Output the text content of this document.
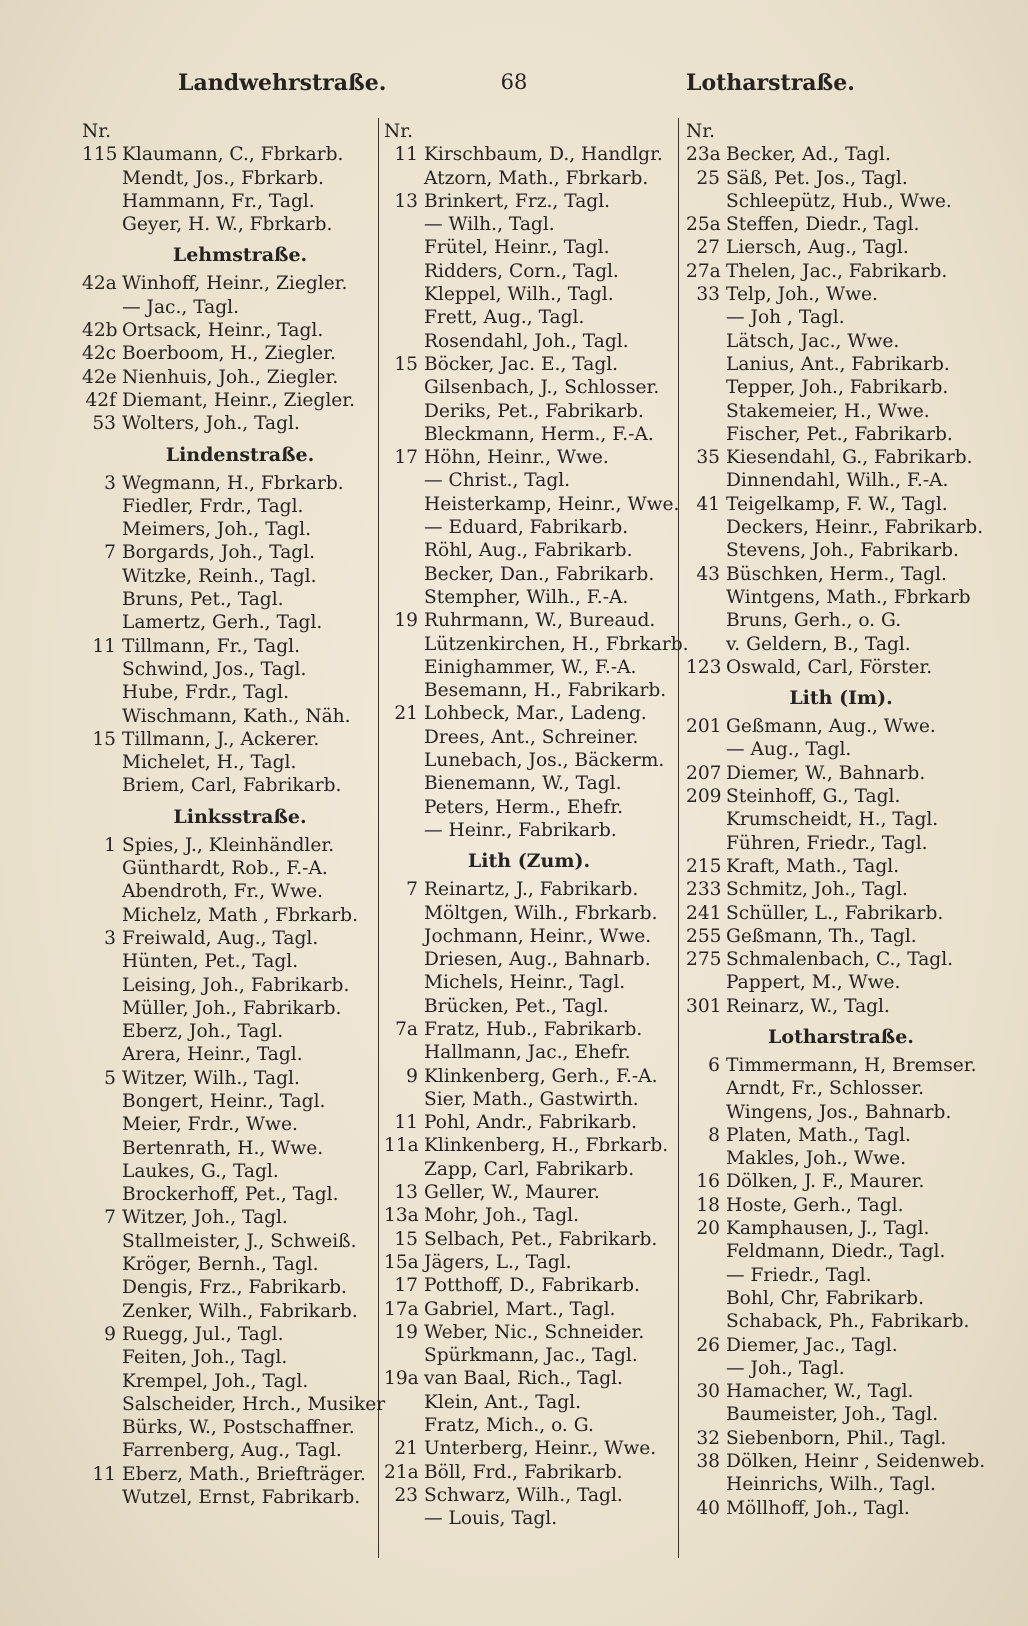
Landwehrstraße.	68	Lotharstraße.
Nr.
115 Klaumann, C., Fbrkarb.
Mendt, Jos., Fbrkarb.
Hammann, Fr., Tagl.
Geyer, H. W., Fbrkarb.
Lehmstraße.
42a Winhoff, Heinr., Ziegler.
— Jac., Tagl.
42b Ortsack, Heinr., Tagl.
42c Boerboom, H., Ziegler.
42e Nienhuis, Joh., Ziegler.
42f Diemant, Heinr., Ziegler.
53 Wolters, Joh., Tagl.
Lindenstraße.
3 Wegmann, H., Fbrkarb.
Fiedler, Frdr., Tagl.
Meimers, Joh., Tagl.
7 Borgards, Joh., Tagl.
Witzke, Reinh., Tagl.
Bruns, Pet., Tagl.
Lamertz, Gerh., Tagl.
11 Tillmann, Fr., Tagl.
Schwind, Jos., Tagl.
Hube, Frdr., Tagl.
Wischmann, Kath., Näh.
15 Tillmann, J., Ackerer.
Michelet, H., Tagl.
Briem, Carl, Fabrikarb.
Linksstraße.
1 Spies, J., Kleinhändler.
Günthardt, Rob., F.-A.
Abendroth, Fr., Wwe.
Michelz, Math , Fbrkarb.
3 Freiwald, Aug., Tagl.
Hünten, Pet., Tagl.
Leising, Joh., Fabrikarb.
Müller, Joh., Fabrikarb.
Eberz, Joh., Tagl.
Arera, Heinr., Tagl.
5 Witzer, Wilh., Tagl.
Bongert, Heinr., Tagl.
Meier, Frdr., Wwe.
Bertenrath, H., Wwe.
Laukes, G., Tagl.
Brockerhoff, Pet., Tagl.
7 Witzer, Joh., Tagl.
Stallmeister, J., Schweiß.
Kröger, Bernh., Tagl.
Dengis, Frz., Fabrikarb.
Zenker, Wilh., Fabrikarb.
9 Ruegg, Jul., Tagl.
Feiten, Joh., Tagl.
Krempel, Joh., Tagl.
Salscheider, Hrch., Musiker
Bürks, W., Postschaffner.
Farrenberg, Aug., Tagl.
11 Eberz, Math., Briefträger.
Wutzel, Ernst, Fabrikarb.
Nr.
11 Kirschbaum, D., Handlgr.
Atzorn, Math., Fbrkarb.
13 Brinkert, Frz., Tagl.
— Wilh., Tagl.
Frütel, Heinr., Tagl.
Ridders, Corn., Tagl.
Kleppel, Wilh., Tagl.
Frett, Aug., Tagl.
Rosendahl, Joh., Tagl.
15 Böcker, Jac. E., Tagl.
Gilsenbach, J., Schlosser.
Deriks, Pet., Fabrikarb.
Bleckmann, Herm., F.-A.
17 Höhn, Heinr., Wwe.
— Christ., Tagl.
Heisterkamp, Heinr., Wwe.
— Eduard, Fabrikarb.
Röhl, Aug., Fabrikarb.
Becker, Dan., Fabrikarb.
Stempher, Wilh., F.-A.
19 Ruhrmann, W., Bureaud.
Lützenkirchen, H., Fbrkarb.
Einighammer, W., F.-A.
Besemann, H., Fabrikarb.
21 Lohbeck, Mar., Ladeng.
Drees, Ant., Schreiner.
Lunebach, Jos., Bäckerm.
Bienemann, W., Tagl.
Peters, Herm., Ehefr.
— Heinr., Fabrikarb.
Lith (Zum).
7 Reinartz, J., Fabrikarb.
Möltgen, Wilh., Fbrkarb.
Jochmann, Heinr., Wwe.
Driesen, Aug., Bahnarb.
Michels, Heinr., Tagl.
Brücken, Pet., Tagl.
7a Fratz, Hub., Fabrikarb.
Hallmann, Jac., Ehefr.
9 Klinkenberg, Gerh., F.-A.
Sier, Math., Gastwirth.
11 Pohl, Andr., Fabrikarb.
11a Klinkenberg, H., Fbrkarb.
Zapp, Carl, Fabrikarb.
13 Geller, W., Maurer.
13a Mohr, Joh., Tagl.
15 Selbach, Pet., Fabrikarb.
15a Jägers, L., Tagl.
17 Potthoff, D., Fabrikarb.
17a Gabriel, Mart., Tagl.
19 Weber, Nic., Schneider.
Spürkmann, Jac., Tagl.
19a van Baal, Rich., Tagl.
Klein, Ant., Tagl.
Fratz, Mich., o. G.
21 Unterberg, Heinr., Wwe.
21a Böll, Frd., Fabrikarb.
23 Schwarz, Wilh., Tagl.
— Louis, Tagl.
Nr.
23a Becker, Ad., Tagl.
25 Säß, Pet. Jos., Tagl.
Schleepütz, Hub., Wwe.
25a Steffen, Diedr., Tagl.
27 Liersch, Aug., Tagl.
27a Thelen, Jac., Fabrikarb.
33 Telp, Joh., Wwe.
— Joh , Tagl.
Lätsch, Jac., Wwe.
Lanius, Ant., Fabrikarb.
Tepper, Joh., Fabrikarb.
Stakemeier, H., Wwe.
Fischer, Pet., Fabrikarb.
35 Kiesendahl, G., Fabrikarb.
Dinnendahl, Wilh., F.-A.
41 Teigelkamp, F. W., Tagl.
Deckers, Heinr., Fabrikarb.
Stevens, Joh., Fabrikarb.
43 Büschken, Herm., Tagl.
Wintgens, Math., Fbrkarb
Bruns, Gerh., o. G.
v. Geldern, B., Tagl.
123 Oswald, Carl, Förster.
Lith (Im).
201 Geßmann, Aug., Wwe.
— Aug., Tagl.
207 Diemer, W., Bahnarb.
209 Steinhoff, G., Tagl.
Krumscheidt, H., Tagl.
Führen, Friedr., Tagl.
215 Kraft, Math., Tagl.
233 Schmitz, Joh., Tagl.
241 Schüller, L., Fabrikarb.
255 Geßmann, Th., Tagl.
275 Schmalenbach, C., Tagl.
Pappert, M., Wwe.
301 Reinarz, W., Tagl.
Lotharstraße.
6 Timmermann, H, Bremser.
Arndt, Fr., Schlosser.
Wingens, Jos., Bahnarb.
8 Platen, Math., Tagl.
Makles, Joh., Wwe.
16 Dölken, J. F., Maurer.
18 Hoste, Gerh., Tagl.
20 Kamphausen, J., Tagl.
Feldmann, Diedr., Tagl.
— Friedr., Tagl.
Bohl, Chr, Fabrikarb.
Schaback, Ph., Fabrikarb.
26 Diemer, Jac., Tagl.
— Joh., Tagl.
30 Hamacher, W., Tagl.
Baumeister, Joh., Tagl.
32 Siebenborn, Phil., Tagl.
38 Dölken, Heinr , Seidenweb.
Heinrichs, Wilh., Tagl.
40 Möllhoff, Joh., Tagl.
